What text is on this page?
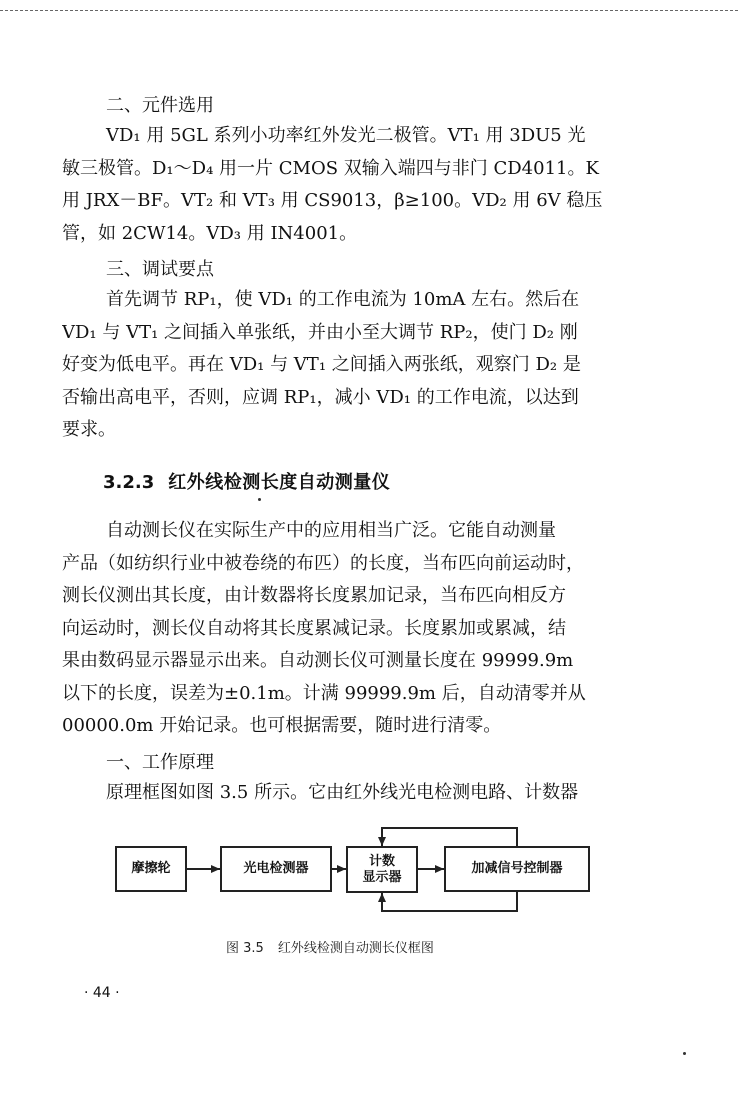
二、元件选用
VD₁ 用 5GL 系列小功率红外发光二极管。VT₁ 用 3DU5 光
敏三极管。D₁～D₄ 用一片 CMOS 双输入端四与非门 CD4011。K
用 JRX－BF。VT₂ 和 VT₃ 用 CS9013，β≥100。VD₂ 用 6V 稳压
管，如 2CW14。VD₃ 用 IN4001。
三、调试要点
首先调节 RP₁，使 VD₁ 的工作电流为 10mA 左右。然后在
VD₁ 与 VT₁ 之间插入单张纸，并由小至大调节 RP₂，使门 D₂ 刚
好变为低电平。再在 VD₁ 与 VT₁ 之间插入两张纸，观察门 D₂ 是
否输出高电平，否则，应调 RP₁，减小 VD₁ 的工作电流，以达到
要求。
3.2.3 红外线检测长度自动测量仪
自动测长仪在实际生产中的应用相当广泛。它能自动测量
产品（如纺织行业中被卷绕的布匹）的长度，当布匹向前运动时，
测长仪测出其长度，由计数器将长度累加记录，当布匹向相反方
向运动时，测长仪自动将其长度累减记录。长度累加或累减，结
果由数码显示器显示出来。自动测长仪可测量长度在 99999.9m
以下的长度，误差为±0.1m。计满 99999.9m 后，自动清零并从
00000.0m 开始记录。也可根据需要，随时进行清零。
一、工作原理
原理框图如图 3.5 所示。它由红外线光电检测电路、计数器
摩擦轮	光电检测器	计数
显示器
加减信号控制器
图 3.5 红外线检测自动测长仪框图
· 44 ·
